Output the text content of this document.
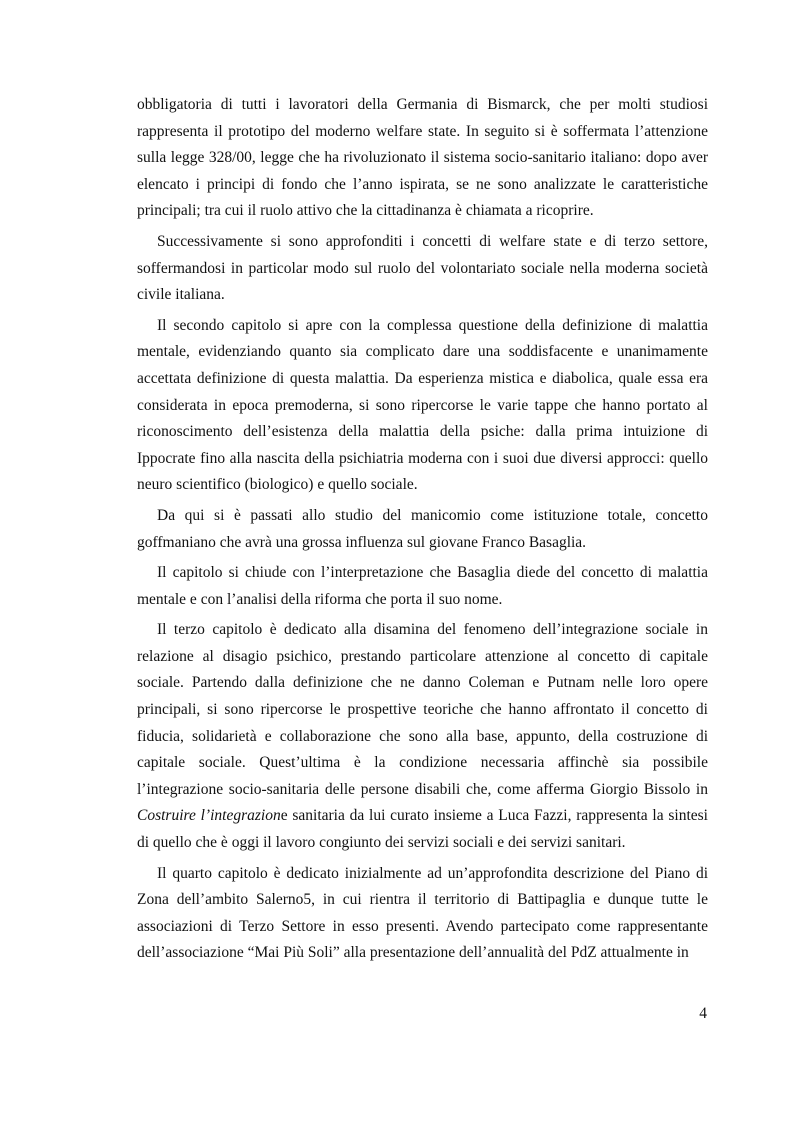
obbligatoria di tutti i lavoratori della Germania di Bismarck, che per molti studiosi rappresenta il prototipo del moderno welfare state. In seguito si è soffermata l’attenzione sulla legge 328/00, legge che ha rivoluzionato il sistema socio-sanitario italiano: dopo aver elencato i principi di fondo che l’anno ispirata, se ne sono analizzate le caratteristiche principali; tra cui il ruolo attivo che la cittadinanza è chiamata a ricoprire.

Successivamente si sono approfonditi i concetti di welfare state e di terzo settore, soffermandosi in particolar modo sul ruolo del volontariato sociale nella moderna società civile italiana.

Il secondo capitolo si apre con la complessa questione della definizione di malattia mentale, evidenziando quanto sia complicato dare una soddisfacente e unanimamente accettata definizione di questa malattia. Da esperienza mistica e diabolica, quale essa era considerata in epoca premoderna, si sono ripercorse le varie tappe che hanno portato al riconoscimento dell’esistenza della malattia della psiche: dalla prima intuizione di Ippocrate fino alla nascita della psichiatria moderna con i suoi due diversi approcci: quello neuro scientifico (biologico) e quello sociale.

Da qui si è passati allo studio del manicomio come istituzione totale, concetto goffmaniano che avrà una grossa influenza sul giovane Franco Basaglia.

Il capitolo si chiude con l’interpretazione che Basaglia diede del concetto di malattia mentale e con l’analisi della riforma che porta il suo nome.

Il terzo capitolo è dedicato alla disamina del fenomeno dell’integrazione sociale in relazione al disagio psichico, prestando particolare attenzione al concetto di capitale sociale. Partendo dalla definizione che ne danno Coleman e Putnam nelle loro opere principali, si sono ripercorse le prospettive teoriche che hanno affrontato il concetto di fiducia, solidarietà e collaborazione che sono alla base, appunto, della costruzione di capitale sociale. Quest’ultima è la condizione necessaria affinchè sia possibile l’integrazione socio-sanitaria delle persone disabili che, come afferma Giorgio Bissolo in Costruire l’integrazione sanitaria da lui curato insieme a Luca Fazzi, rappresenta la sintesi di quello che è oggi il lavoro congiunto dei servizi sociali e dei servizi sanitari.

Il quarto capitolo è dedicato inizialmente ad un’approfondita descrizione del Piano di Zona dell’ambito Salerno5, in cui rientra il territorio di Battipaglia e dunque tutte le associazioni di Terzo Settore in esso presenti. Avendo partecipato come rappresentante dell’associazione “Mai Più Soli” alla presentazione dell’annualità del PdZ attualmente in

4
